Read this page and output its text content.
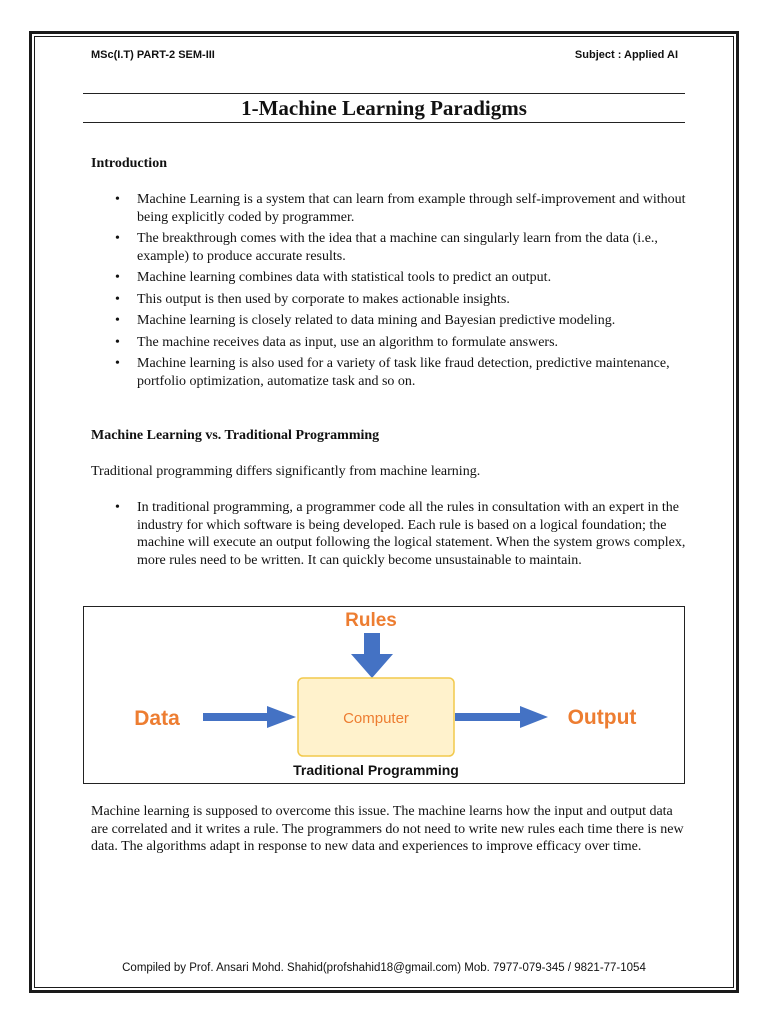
MSc(I.T) PART-2 SEM-III	Subject : Applied AI
1-Machine Learning Paradigms
Introduction
• Machine Learning is a system that can learn from example through self-improvement and without being explicitly coded by programmer.
• The breakthrough comes with the idea that a machine can singularly learn from the data (i.e., example) to produce accurate results.
• Machine learning combines data with statistical tools to predict an output.
• This output is then used by corporate to makes actionable insights.
• Machine learning is closely related to data mining and Bayesian predictive modeling.
• The machine receives data as input, use an algorithm to formulate answers.
• Machine learning is also used for a variety of task like fraud detection, predictive maintenance, portfolio optimization, automatize task and so on.
Machine Learning vs. Traditional Programming
Traditional programming differs significantly from machine learning.
• In traditional programming, a programmer code all the rules in consultation with an expert in the industry for which software is being developed. Each rule is based on a logical foundation; the machine will execute an output following the logical statement. When the system grows complex, more rules need to be written. It can quickly become unsustainable to maintain.
Rules
Data	Computer	Output
Traditional Programming
Machine learning is supposed to overcome this issue. The machine learns how the input and output data are correlated and it writes a rule. The programmers do not need to write new rules each time there is new data. The algorithms adapt in response to new data and experiences to improve efficacy over time.
Compiled by Prof. Ansari Mohd. Shahid(profshahid18@gmail.com) Mob. 7977-079-345 / 9821-77-1054
